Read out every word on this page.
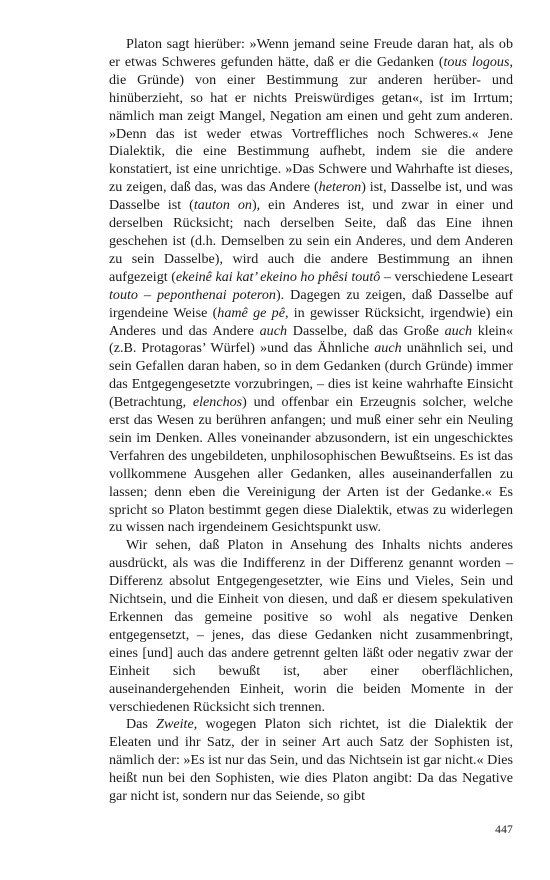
Platon sagt hierüber: »Wenn jemand seine Freude daran hat, als ob er etwas Schweres gefunden hätte, daß er die Gedanken (tous logous, die Gründe) von einer Bestimmung zur anderen herüber- und hinüberzieht, so hat er nichts Preiswürdiges getan«, ist im Irrtum; nämlich man zeigt Mangel, Negation am einen und geht zum anderen. »Denn das ist weder etwas Vortreffliches noch Schweres.« Jene Dialektik, die eine Bestimmung aufhebt, indem sie die andere konstatiert, ist eine unrichtige. »Das Schwere und Wahrhafte ist dieses, zu zeigen, daß das, was das Andere (heteron) ist, Dasselbe ist, und was Dasselbe ist (tauton on), ein Anderes ist, und zwar in einer und derselben Rücksicht; nach derselben Seite, daß das Eine ihnen geschehen ist (d.h. Demselben zu sein ein Anderes, und dem Anderen zu sein Dasselbe), wird auch die andere Bestimmung an ihnen aufgezeigt (ekeinê kai kat’ ekeino ho phêsi toutô – verschiedene Leseart touto – peponthenai poteron). Dagegen zu zeigen, daß Dasselbe auf irgendeine Weise (hamê ge pê, in gewisser Rücksicht, irgendwie) ein Anderes und das Andere auch Dasselbe, daß das Große auch klein« (z.B. Protagoras’ Würfel) »und das Ähnliche auch unähnlich sei, und sein Gefallen daran haben, so in dem Gedanken (durch Gründe) immer das Entgegengesetzte vorzubringen, – dies ist keine wahrhafte Einsicht (Betrachtung, elenchos) und offenbar ein Erzeugnis solcher, welche erst das Wesen zu berühren anfangen; und muß einer sehr ein Neuling sein im Denken. Alles voneinander abzusondern, ist ein ungeschicktes Verfahren des ungebildeten, unphilosophischen Bewußtseins. Es ist das vollkommene Ausgehen aller Gedanken, alles auseinanderfallen zu lassen; denn eben die Vereinigung der Arten ist der Gedanke.« Es spricht so Platon bestimmt gegen diese Dialektik, etwas zu widerlegen zu wissen nach irgendeinem Gesichtspunkt usw.

Wir sehen, daß Platon in Ansehung des Inhalts nichts anderes ausdrückt, als was die Indifferenz in der Differenz genannt worden – Differenz absolut Entgegengesetzter, wie Eins und Vieles, Sein und Nichtsein, und die Einheit von diesen, und daß er diesem spekulativen Erkennen das gemeine positive so wohl als negative Denken entgegensetzt, – jenes, das diese Gedanken nicht zusammenbringt, eines [und] auch das andere getrennt gelten läßt oder negativ zwar der Einheit sich bewußt ist, aber einer oberflächlichen, auseinandergehenden Einheit, worin die beiden Momente in der verschiedenen Rücksicht sich trennen.

Das Zweite, wogegen Platon sich richtet, ist die Dialektik der Eleaten und ihr Satz, der in seiner Art auch Satz der Sophisten ist, nämlich der: »Es ist nur das Sein, und das Nichtsein ist gar nicht.« Dies heißt nun bei den Sophisten, wie dies Platon angibt: Da das Negative gar nicht ist, sondern nur das Seiende, so gibt

447
